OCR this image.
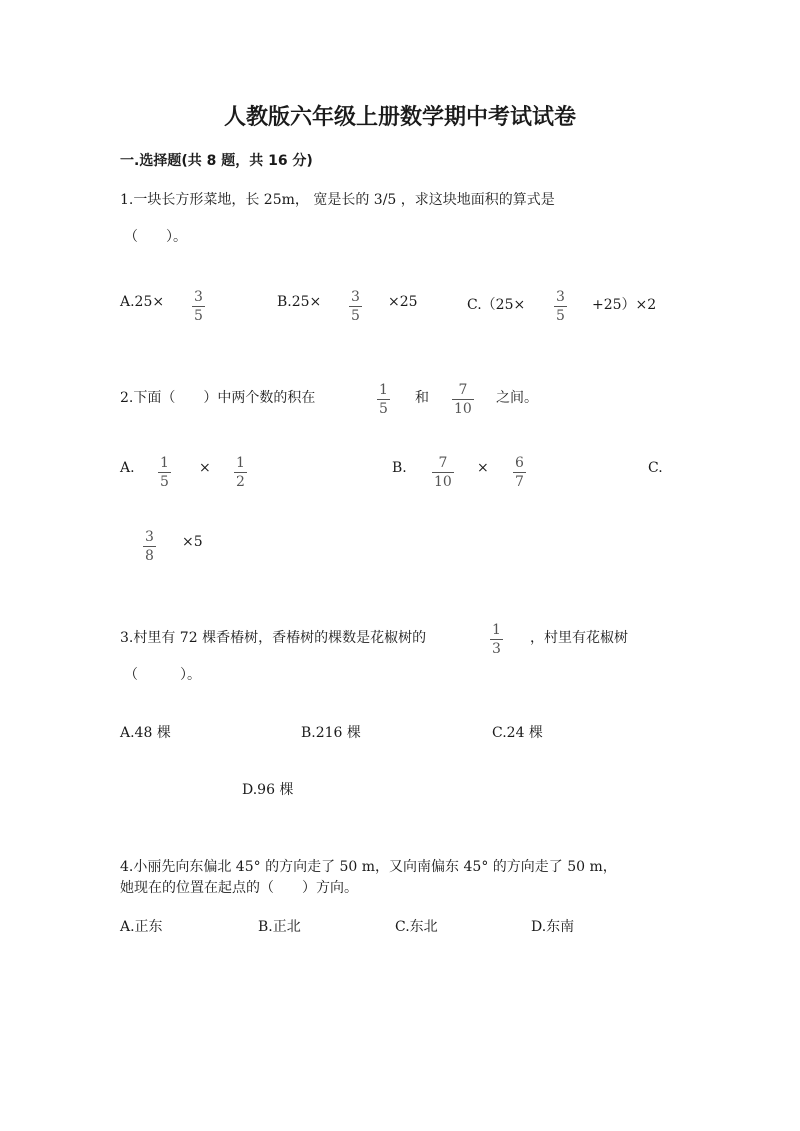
人教版六年级上册数学期中考试试卷
一.选择题(共 8 题，共 16 分)
1.一块长方形菜地，长 25m， 宽是长的 3/5 ，求这块地面积的算式是
（　　）。
A.25× 3
5
B.25× 3
5
×25	C.（25× 3
5
+25）×2
2.下面（　　）中两个数的积在	1
5
和 7
10
之间。
A. 1
5
× 1
2
B. 7
10
× 6
7
C.
3
8
×5
3.村里有 72 棵香椿树，香椿树的棵数是花椒树的	1
3
，村里有花椒树
（　　　）。
A.48 棵	B.216 棵	C.24 棵
D.96 棵
4.小丽先向东偏北 45° 的方向走了 50 m，又向南偏东 45° 的方向走了 50 m，
她现在的位置在起点的（　　）方向。
A.正东	B.正北	C.东北	D.东南
